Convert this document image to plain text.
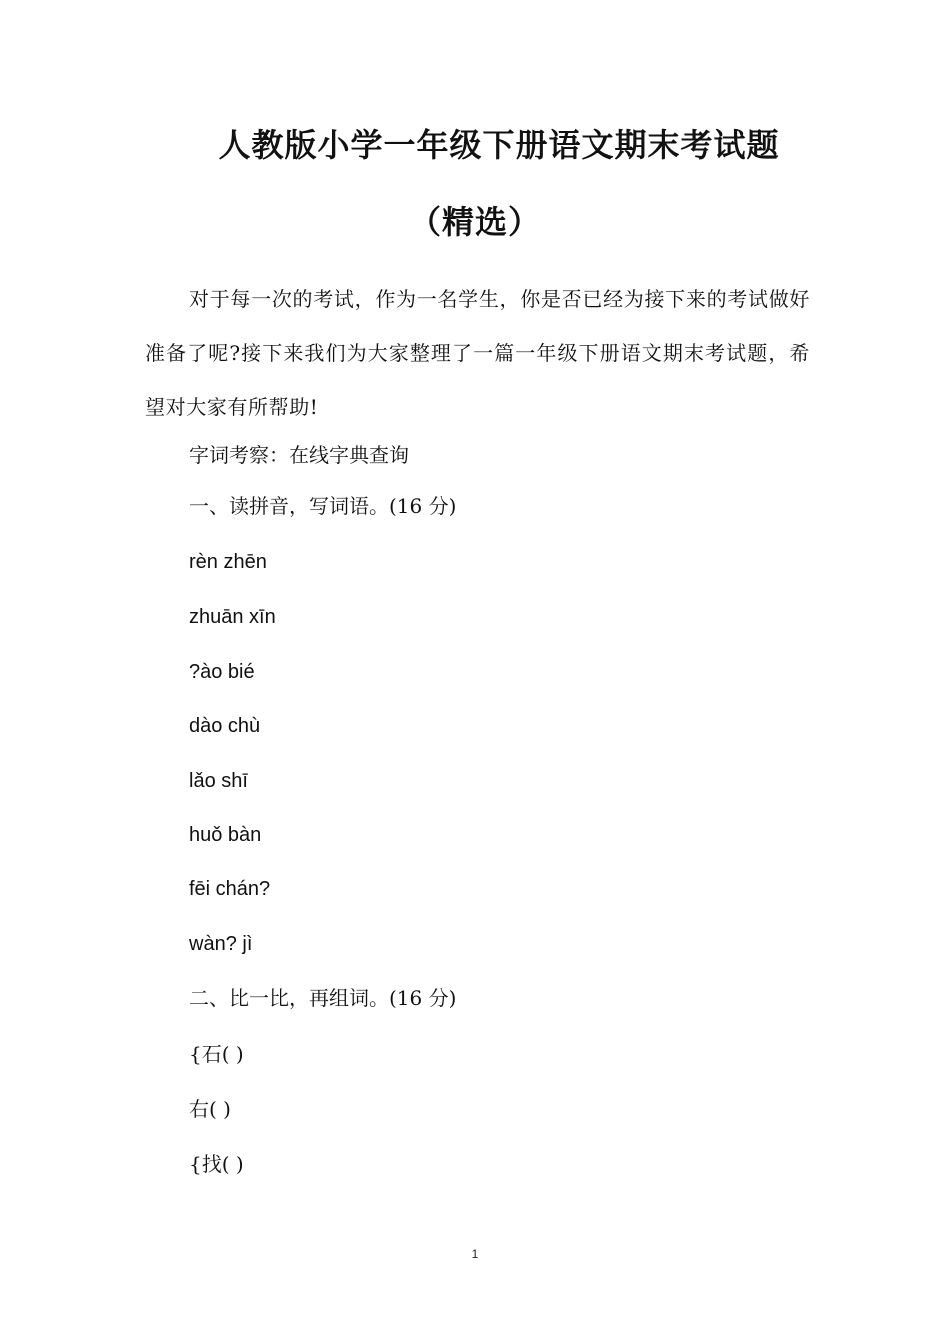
人教版小学一年级下册语文期末考试题
（精选）
对于每一次的考试，作为一名学生，你是否已经为接下来的考试做好准备了呢?接下来我们为大家整理了一篇一年级下册语文期末考试题，希望对大家有所帮助!
字词考察：在线字典查询
一、读拼音，写词语。(16 分)
rèn zhēn
zhuān xīn
?ào bié
dào chù
lǎo shī
huǒ bàn
fēi chán?
wàn? jì
二、比一比，再组词。(16 分)
{石( )
右( )
{找( )
1
